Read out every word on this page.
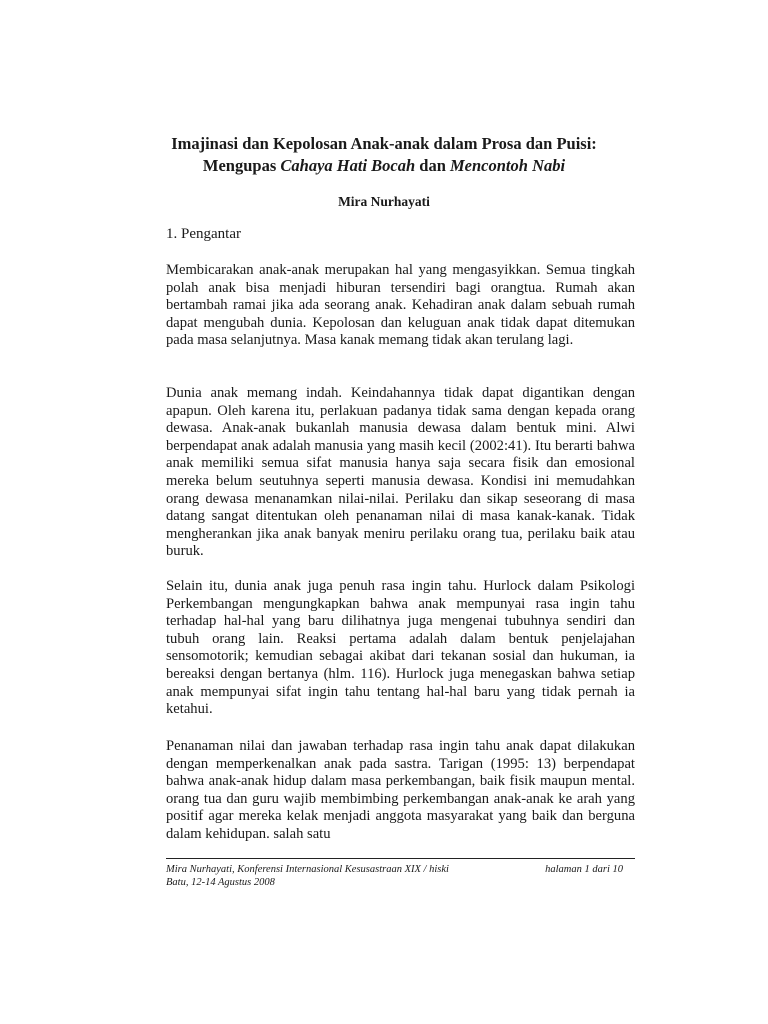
Imajinasi dan Kepolosan Anak-anak dalam Prosa dan Puisi:
Mengupas Cahaya Hati Bocah dan Mencontoh Nabi
Mira Nurhayati
1. Pengantar

Membicarakan anak-anak merupakan hal yang mengasyikkan. Semua tingkah polah anak bisa menjadi hiburan tersendiri bagi orangtua. Rumah akan bertambah ramai jika ada seorang anak. Kehadiran anak dalam sebuah rumah dapat mengubah dunia. Kepolosan dan keluguan anak tidak dapat ditemukan pada masa selanjutnya. Masa kanak memang tidak akan terulang lagi.

Dunia anak memang indah. Keindahannya tidak dapat digantikan dengan apapun. Oleh karena itu, perlakuan padanya tidak sama dengan kepada orang dewasa. Anak-anak bukanlah manusia dewasa dalam bentuk mini. Alwi berpendapat anak adalah manusia yang masih kecil (2002:41). Itu berarti bahwa anak memiliki semua sifat manusia hanya saja secara fisik dan emosional mereka belum seutuhnya seperti manusia dewasa. Kondisi ini memudahkan orang dewasa menanamkan nilai-nilai. Perilaku dan sikap seseorang di masa datang sangat ditentukan oleh penanaman nilai di masa kanak-kanak. Tidak mengherankan jika anak banyak meniru perilaku orang tua, perilaku baik atau buruk.

Selain itu, dunia anak juga penuh rasa ingin tahu. Hurlock dalam Psikologi Perkembangan mengungkapkan bahwa anak mempunyai rasa ingin tahu terhadap hal-hal yang baru dilihatnya juga mengenai tubuhnya sendiri dan tubuh orang lain. Reaksi pertama adalah dalam bentuk penjelajahan sensomotorik; kemudian sebagai akibat dari tekanan sosial dan hukuman, ia bereaksi dengan bertanya (hlm. 116). Hurlock juga menegaskan bahwa setiap anak mempunyai sifat ingin tahu tentang hal-hal baru yang tidak pernah ia ketahui.

Penanaman nilai dan jawaban terhadap rasa ingin tahu anak dapat dilakukan dengan memperkenalkan anak pada sastra. Tarigan (1995: 13) berpendapat bahwa anak-anak hidup dalam masa perkembangan, baik fisik maupun mental. orang tua dan guru wajib membimbing perkembangan anak-anak ke arah yang positif agar mereka kelak menjadi anggota masyarakat yang baik dan berguna dalam kehidupan. salah satu

Mira Nurhayati, Konferensi Internasional Kesusastraan XIX / hiski	halaman 1 dari 10
Batu, 12-14 Agustus 2008
